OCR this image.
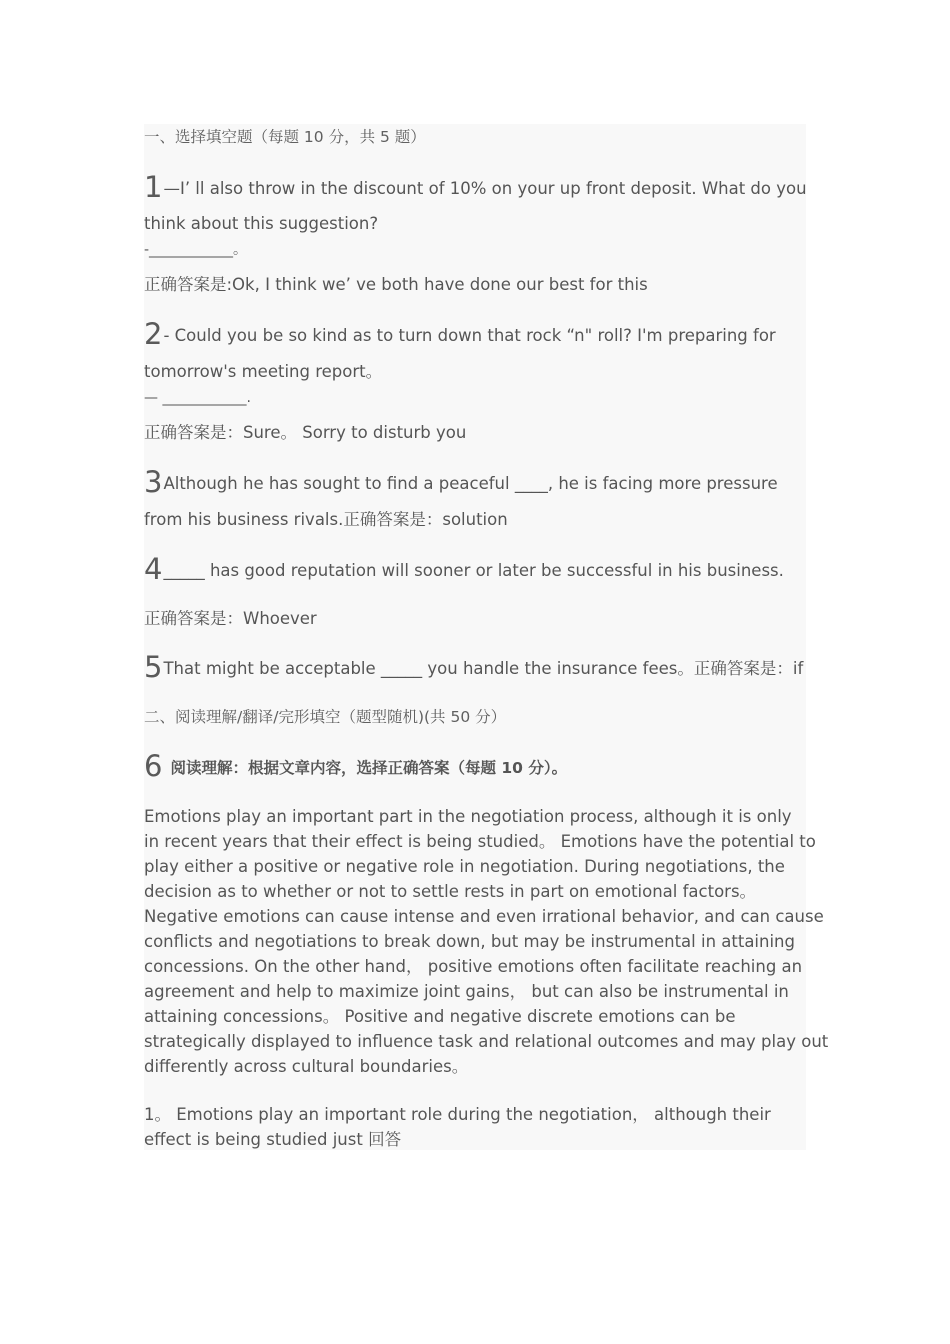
一、选择填空题（每题 10 分，共 5 题）
1—I’ ll also throw in the discount of 10% on your up front deposit. What do you
think about this suggestion?
-____________。
正确答案是:Ok, I think we’ ve both have done our best for this
2- Could you be so kind as to turn down that rock “n" roll? I'm preparing for
tomorrow's meeting report。
— ____________.
正确答案是：Sure。 Sorry to disturb you
3Although he has sought to find a peaceful ____, he is facing more pressure
from his business rivals.正确答案是：solution
4_____ has good reputation will sooner or later be successful in his business.
正确答案是：Whoever
5That might be acceptable _____ you handle the insurance fees。正确答案是：if
二、阅读理解/翻译/完形填空（题型随机)(共 50 分）
6 阅读理解：根据文章内容，选择正确答案（每题 10 分）。
Emotions play an important part in the negotiation process, although it is only
in recent years that their effect is being studied。 Emotions have the potential to
play either a positive or negative role in negotiation. During negotiations, the
decision as to whether or not to settle rests in part on emotional factors。
Negative emotions can cause intense and even irrational behavior, and can cause
conflicts and negotiations to break down, but may be instrumental in attaining
concessions. On the other hand， positive emotions often facilitate reaching an
agreement and help to maximize joint gains， but can also be instrumental in
attaining concessions。 Positive and negative discrete emotions can be
strategically displayed to influence task and relational outcomes and may play out
differently across cultural boundaries。
1。 Emotions play an important role during the negotiation， although their
effect is being studied just 回答
